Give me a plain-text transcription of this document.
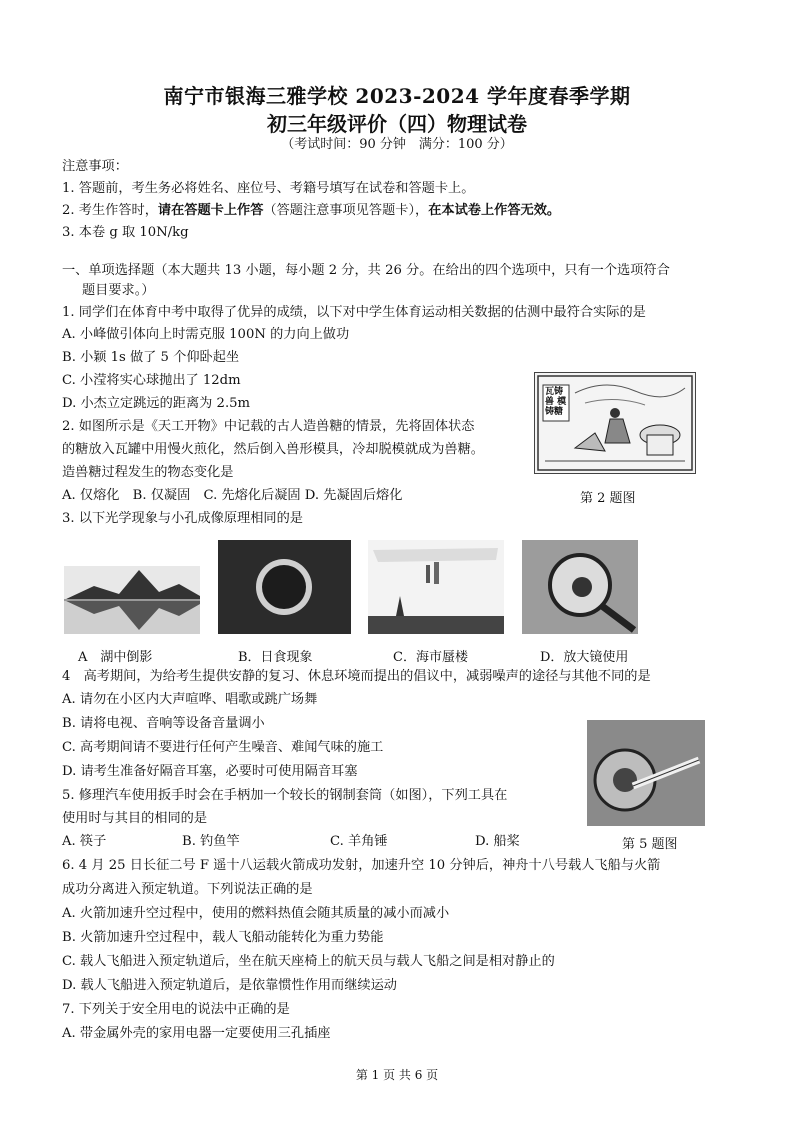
南宁市银海三雅学校 2023-2024 学年度春季学期
初三年级评价（四）物理试卷
（考试时间：90 分钟　满分：100 分）
注意事项：
1. 答题前，考生务必将姓名、座位号、考籍号填写在试卷和答题卡上。
2. 考生作答时，请在答题卡上作答（答题注意事项见答题卡），在本试卷上作答无效。
3. 本卷 g 取 10N/kg
一、单项选择题（本大题共 13 小题，每小题 2 分，共 26 分。在给出的四个选项中，只有一个选项符合
题目要求。）
1. 同学们在体育中考中取得了优异的成绩，以下对中学生体育运动相关数据的估测中最符合实际的是
A. 小峰做引体向上时需克服 100N 的力向上做功
B. 小颖 1s 做了 5 个仰卧起坐
C. 小滢将实心球抛出了 12dm
D. 小杰立定跳远的距离为 2.5m
2. 如图所示是《天工开物》中记载的古人造兽糖的情景，先将固体状态
的糖放入瓦罐中用慢火煎化，然后倒入兽形模具，冷却脱模就成为兽糖。
造兽糖过程发生的物态变化是
A. 仅熔化　B. 仅凝固　C. 先熔化后凝固 D. 先凝固后熔化	第 2 题图
瓦铸兽 模铸糖
3. 以下光学现象与小孔成像原理相同的是
A　湖中倒影	B．日食现象	C．海市蜃楼	D．放大镜使用
4　高考期间，为给考生提供安静的复习、休息环境而提出的倡议中，减弱噪声的途径与其他不同的是
A. 请勿在小区内大声喧哗、唱歌或跳广场舞
B. 请将电视、音响等设备音量调小
C. 高考期间请不要进行任何产生噪音、难闻气味的施工
D. 请考生准备好隔音耳塞，必要时可使用隔音耳塞
5. 修理汽车使用扳手时会在手柄加一个较长的钢制套筒（如图），下列工具在
使用时与其目的相同的是
A. 筷子	B. 钓鱼竿	C. 羊角锤	D. 船桨	第 5 题图
6. 4 月 25 日长征二号 F 遥十八运载火箭成功发射，加速升空 10 分钟后，神舟十八号载人飞船与火箭
成功分离进入预定轨道。下列说法正确的是
A. 火箭加速升空过程中，使用的燃料热值会随其质量的减小而减小
B. 火箭加速升空过程中，载人飞船动能转化为重力势能
C. 载人飞船进入预定轨道后，坐在航天座椅上的航天员与载人飞船之间是相对静止的
D. 载人飞船进入预定轨道后，是依靠惯性作用而继续运动
7. 下列关于安全用电的说法中正确的是
A. 带金属外壳的家用电器一定要使用三孔插座
第 1 页 共 6 页
